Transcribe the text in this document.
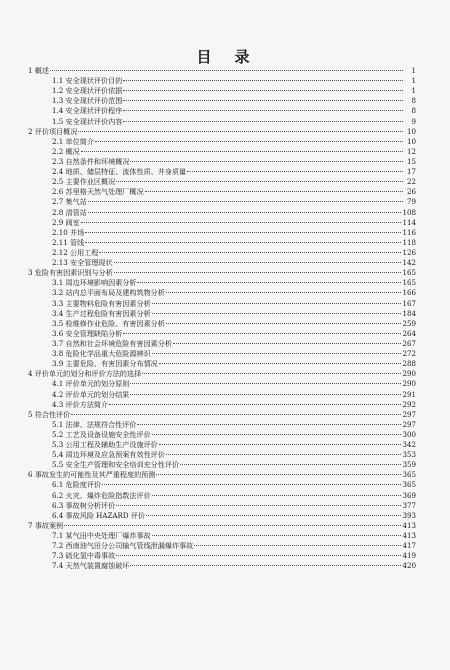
目　录
1 概述	1
1.1 安全现状评价目的	1
1.2 安全现状评价依据	1
1.3 安全现状评价范围	8
1.4 安全现状评价程序	8
1.5 安全现状评价内容	9
2 评价项目概况	10
2.1 单位简介	10
2.2 概况	12
2.3 自然条件和环境概况	15
2.4 地质、储层特征、流体性质、井身质量	17
2.5 主要作业区概况	22
2.6 苏里格天然气处理厂概况	26
2.7 集气站	79
2.8 清管站	108
2.9 阀室	114
2.10 井场	116
2.11 管线	118
2.12 公用工程	126
2.13 安全管理现状	142
3 危险有害因素识别与分析	165
3.1 周边环境影响因素分析	165
3.2 站内总平面布局及建构筑物分析	166
3.3 主要物料危险有害因素分析	167
3.4 生产过程危险有害因素分析	184
3.5 检维修作业危险、有害因素分析	259
3.6 安全管理缺陷分析	264
3.7 自然和社会环境危险有害因素分析	267
3.8 危险化学品重大危险源辨识	272
3.9 主要危险、有害因素分布情况	288
4 评价单元的划分和评价方法的选择	290
4.1 评价单元的划分原则	290
4.2 评价单元的划分结果	291
4.3 评价方法简介	292
5 符合性评价	297
5.1 法律、法规符合性评价	297
5.2 工艺及设备设施安全性评价	300
5.3 公用工程及辅助生产设施评价	342
5.4 周边环境及应急预案有效性评价	353
5.5 安全生产管理和安全培训充分性评价	359
6 事故发生的可能性及其严重程度的预测	365
6.1 危险度评价	365
6.2 火灾、爆炸危险指数法评价	369
6.3 事故树分析评价	377
6.4 事故风险 HAZARD 评价	393
7 事故案例	413
7.1 某气田中央处理厂爆炸事故	413
7.2 西南油气田分公司输气管线泄漏爆炸事故	417
7.3 硫化氢中毒事故	419
7.4 天然气装置腐蚀破坏	420
